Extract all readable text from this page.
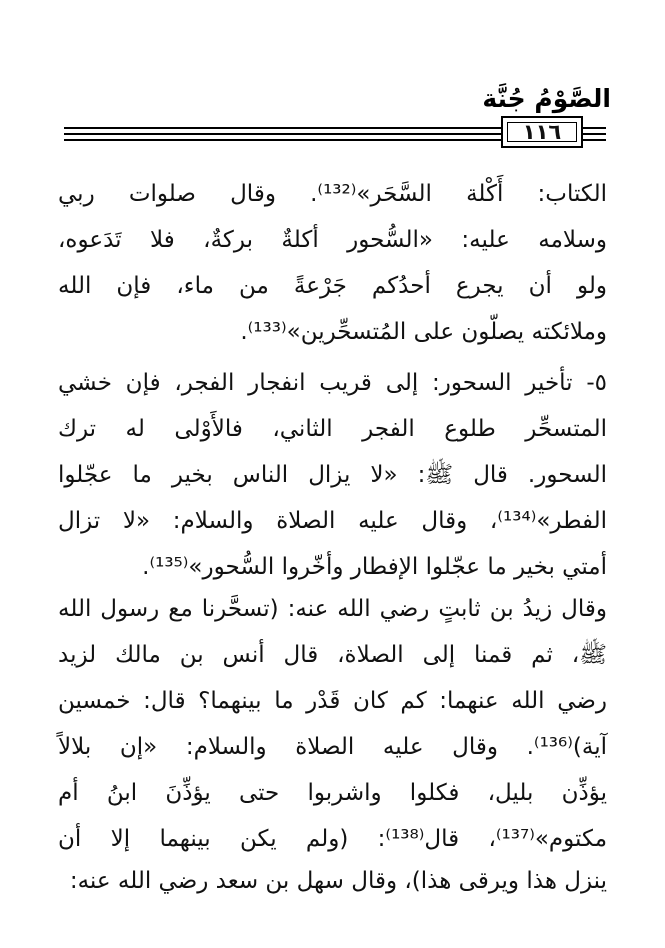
الصَّوْمُ جُنَّة
١١٦
الكتاب: أَكْلة السَّحَر»⁽¹³²⁾. وقال صلوات ربي
وسلامه عليه: «السُّحور أكلةٌ بركةٌ، فلا تَدَعوه،
ولو أن يجرع أحدُكم جَرْعةً من ماء، فإن الله
وملائكته يصلّون على المُتسحِّرين»⁽¹³³⁾.
٥- تأخير السحور: إلى قريب انفجار الفجر، فإن خشي
المتسحِّر طلوع الفجر الثاني، فالأَوْلى له ترك
السحور. قال ﷺ: «لا يزال الناس بخير ما عجّلوا
الفطر»⁽¹³⁴⁾، وقال عليه الصلاة والسلام: «لا تزال
أمتي بخير ما عجّلوا الإفطار وأخّروا السُّحور»⁽¹³⁵⁾.
وقال زيدُ بن ثابتٍ رضي الله عنه: (تسحَّرنا مع رسول الله
ﷺ، ثم قمنا إلى الصلاة، قال أنس بن مالك لزيد
رضي الله عنهما: كم كان قَدْر ما بينهما؟ قال: خمسين
آية)⁽¹³⁶⁾. وقال عليه الصلاة والسلام: «إن بلالاً
يؤذِّن بليل، فكلوا واشربوا حتى يؤذِّنَ ابنُ أم
مكتوم»⁽¹³⁷⁾، قال⁽¹³⁸⁾: (ولم يكن بينهما إلا أن
ينزل هذا ويرقى هذا)، وقال سهل بن سعد رضي الله عنه:
